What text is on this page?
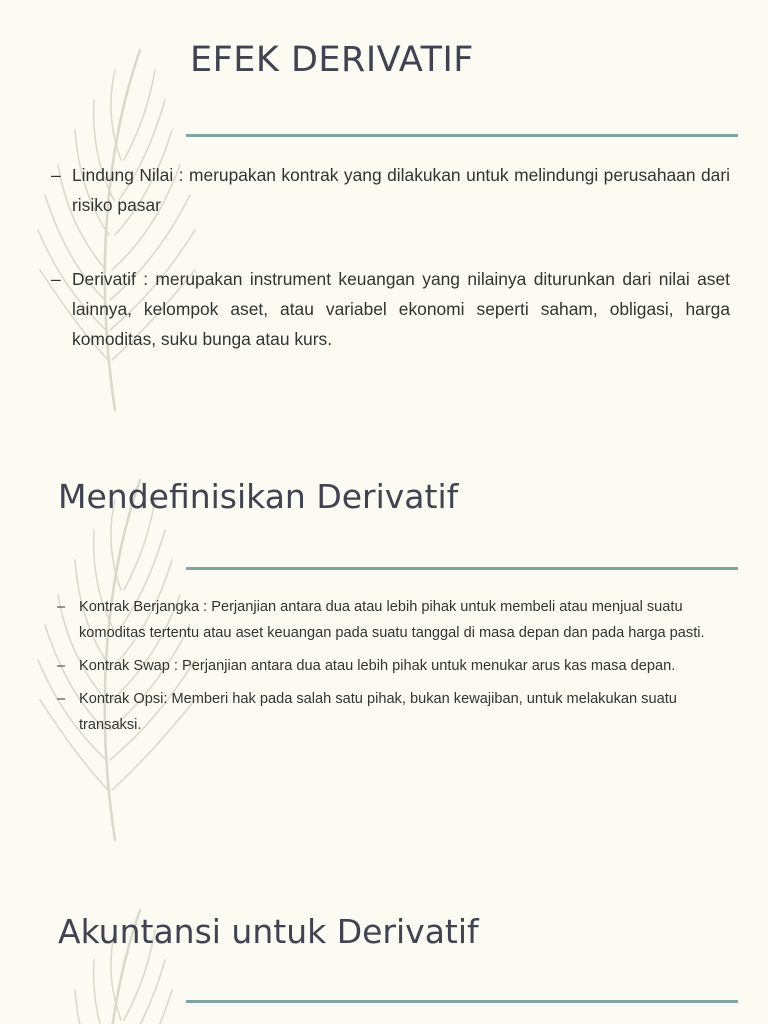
EFEK DERIVATIF
– Lindung Nilai : merupakan kontrak yang dilakukan untuk melindungi perusahaan dari risiko pasar
– Derivatif : merupakan instrument keuangan yang nilainya diturunkan dari nilai aset lainnya, kelompok aset, atau variabel ekonomi seperti saham, obligasi, harga komoditas, suku bunga atau kurs.
Mendefinisikan Derivatif
– Kontrak Berjangka : Perjanjian antara dua atau lebih pihak untuk membeli atau menjual suatu komoditas tertentu atau aset keuangan pada suatu tanggal di masa depan dan pada harga pasti.
– Kontrak Swap : Perjanjian antara dua atau lebih pihak untuk menukar arus kas masa depan.
– Kontrak Opsi: Memberi hak pada salah satu pihak, bukan kewajiban, untuk melakukan suatu transaksi.
Akuntansi untuk Derivatif
